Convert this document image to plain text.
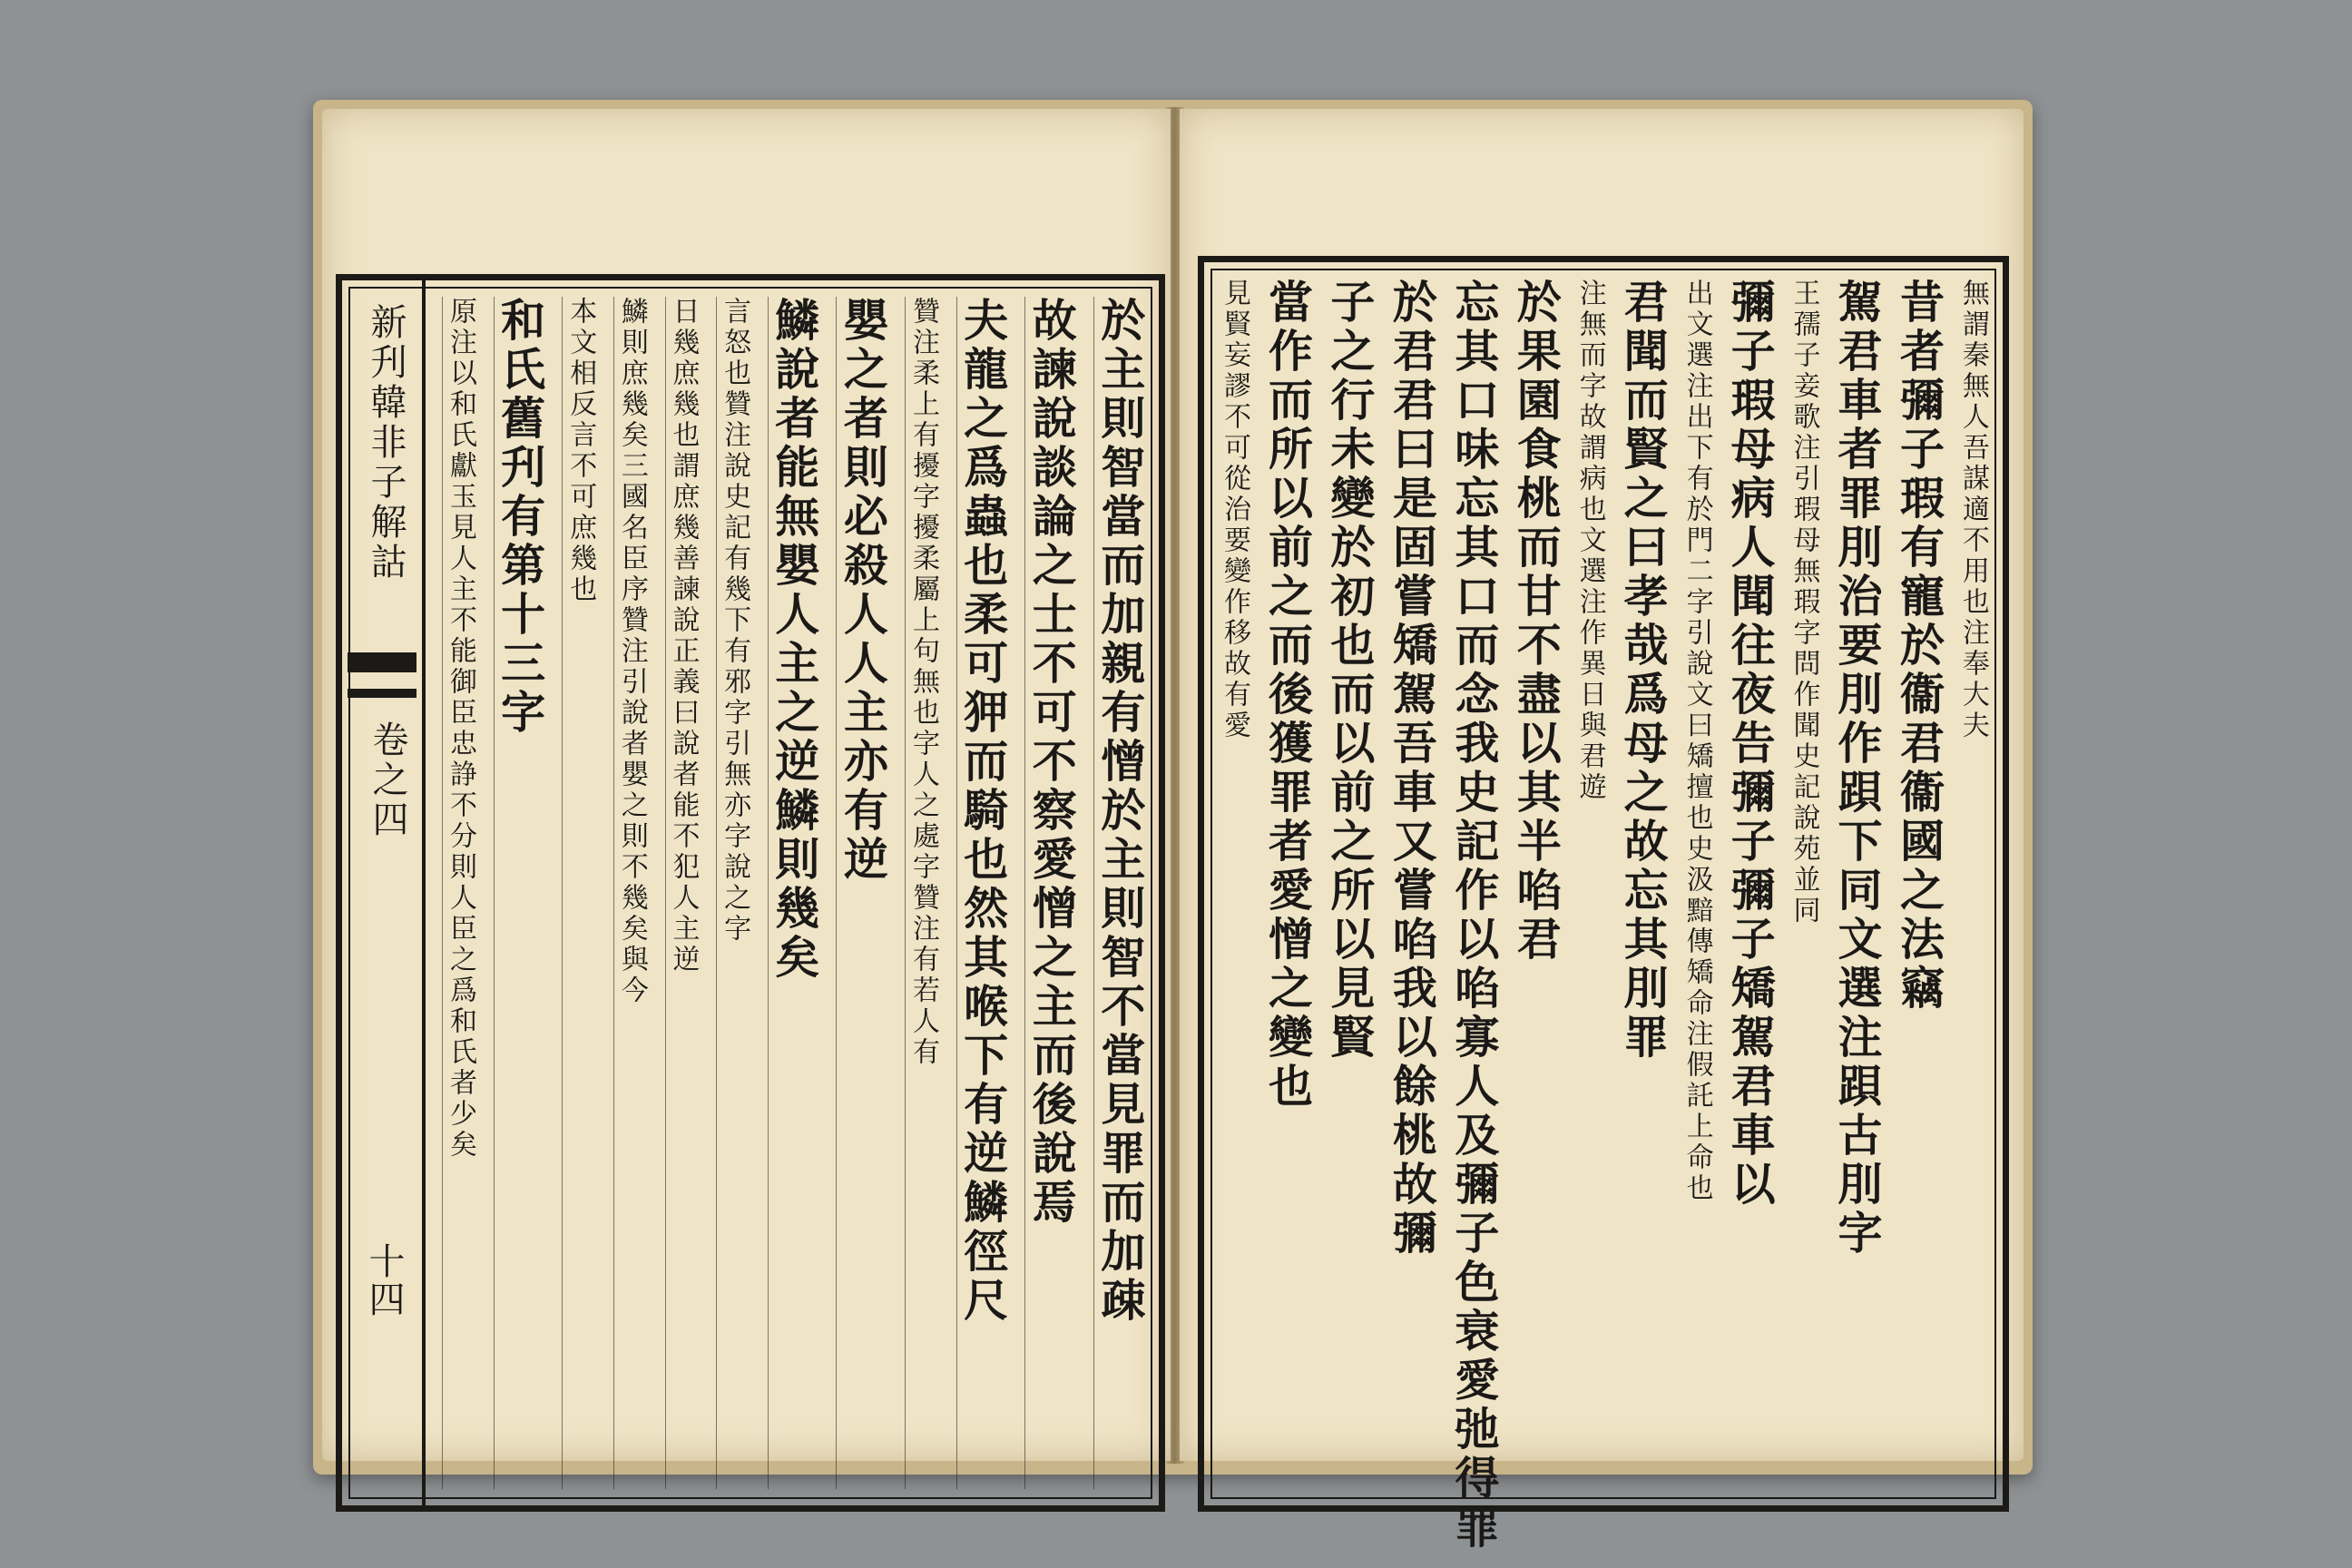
新刋韓非子解詁
卷之四
十四	於主則智當而加親有憎於主則智不當見罪而加疎
故諫說談論之士不可不察愛憎之主而後說焉
夫龍之爲蟲也柔可狎而騎也然其喉下有逆鱗徑尺
贊注柔上有擾字擾柔屬上句無也字人之處字贊注有若人有
嬰之者則必殺人人主亦有逆
鱗說者能無嬰人主之逆鱗則幾矣
言怒也贊注說史記有幾下有邪字引無亦字說之字
日幾庶幾也謂庶幾善諫說正義曰說者能不犯人主逆
鱗則庶幾矣三國名臣序贊注引說者嬰之則不幾矣與今
本文相反言不可庶幾也
和氏舊刋有第十三字
原注以和氏獻玉見人主不能御臣忠諍不分則人臣之爲和氏者少矣	無謂秦無人吾謀適不用也注奉大夫
昔者彌子瑕有寵於衞君衞國之法竊
駕君車者罪刖治要刖作䟺下同文選注䟺古刖字
王孺子妾歌注引瑕母無瑕字問作聞史記說苑並同
彌子瑕母病人聞往夜告彌子彌子矯駕君車以
出文選注出下有於門二字引說文曰矯擅也史汲黯傳矯命注假託上命也
君聞而賢之曰孝哉爲母之故忘其刖罪
注無而字故謂病也文選注作異日與君遊
於果園食桃而甘不盡以其半啗君
忘其口味忘其口而念我史記作以啗寡人及彌子色衰愛弛得罪
於君君曰是固嘗矯駕吾車又嘗啗我以餘桃故彌
子之行未變於初也而以前之所以見賢
當作而所以前之而後獲罪者愛憎之變也
見賢妄謬不可從治要變作移故有愛
